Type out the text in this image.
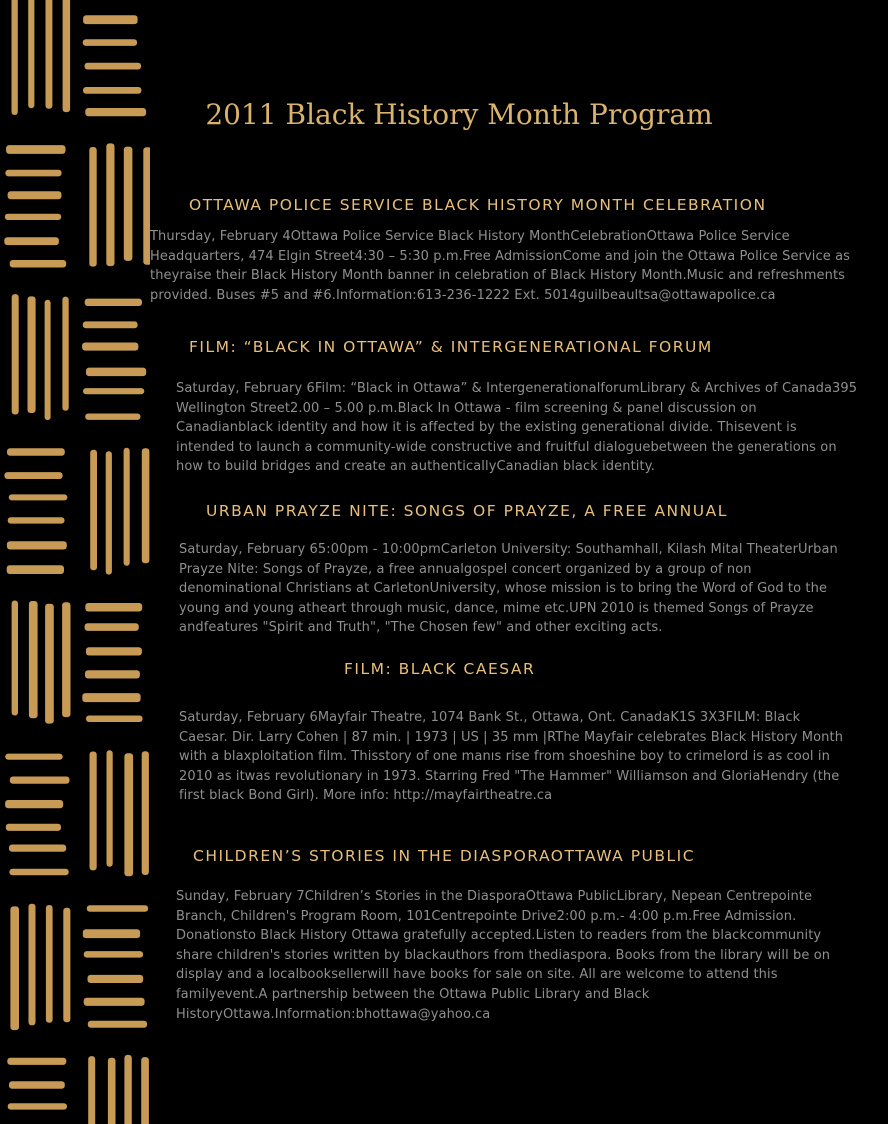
2011 Black History Month Program
OTTAWA POLICE SERVICE BLACK HISTORY MONTH CELEBRATION

Thursday, February 4Ottawa Police Service Black History MonthCelebrationOttawa Police Service Headquarters, 474 Elgin Street4:30 – 5:30 p.m.Free AdmissionCome and join the Ottawa Police Service as theyraise their Black History Month banner in celebration of Black History Month.Music and refreshments provided. Buses #5 and #6.Information:613-236-1222 Ext. 5014guilbeaultsa@ottawapolice.ca

FILM: “BLACK IN OTTAWA” & INTERGENERATIONAL FORUM

Saturday, February 6Film: “Black in Ottawa” & IntergenerationalforumLibrary & Archives of Canada395 Wellington Street2.00 – 5.00 p.m.Black In Ottawa - film screening & panel discussion on Canadianblack identity and how it is affected by the existing generational divide. Thisevent is intended to launch a community-wide constructive and fruitful dialoguebetween the generations on how to build bridges and create an authenticallyCanadian black identity.

URBAN PRAYZE NITE: SONGS OF PRAYZE, A FREE ANNUAL

Saturday, February 65:00pm - 10:00pmCarleton University: Southamhall, Kilash Mital TheaterUrban Prayze Nite: Songs of Prayze, a free annualgospel concert organized by a group of non denominational Christians at CarletonUniversity, whose mission is to bring the Word of God to the young and young atheart through music, dance, mime etc.UPN 2010 is themed Songs of Prayze andfeatures "Spirit and Truth", "The Chosen few" and other exciting acts.

FILM: BLACK CAESAR

Saturday, February 6Mayfair Theatre, 1074 Bank St., Ottawa, Ont. CanadaK1S 3X3FILM: Black Caesar. Dir. Larry Cohen | 87 min. | 1973 | US | 35 mm |RThe Mayfair celebrates Black History Month with a blaxploitation film. Thisstory of one manıs rise from shoeshine boy to crimelord is as cool in 2010 as itwas revolutionary in 1973. Starring Fred "The Hammer" Williamson and GloriaHendry (the first black Bond Girl). More info: http://mayfairtheatre.ca

CHILDREN’S STORIES IN THE DIASPORAOTTAWA PUBLIC

Sunday, February 7Children’s Stories in the DiasporaOttawa PublicLibrary, Nepean Centrepointe Branch, Children's Program Room, 101Centrepointe Drive2:00 p.m.- 4:00 p.m.Free Admission. Donationsto Black History Ottawa gratefully accepted.Listen to readers from the blackcommunity share children's stories written by blackauthors from thediaspora. Books from the library will be on display and a localbooksellerwill have books for sale on site. All are welcome to attend this familyevent.A partnership between the Ottawa Public Library and Black HistoryOttawa.Information:bhottawa@yahoo.ca
